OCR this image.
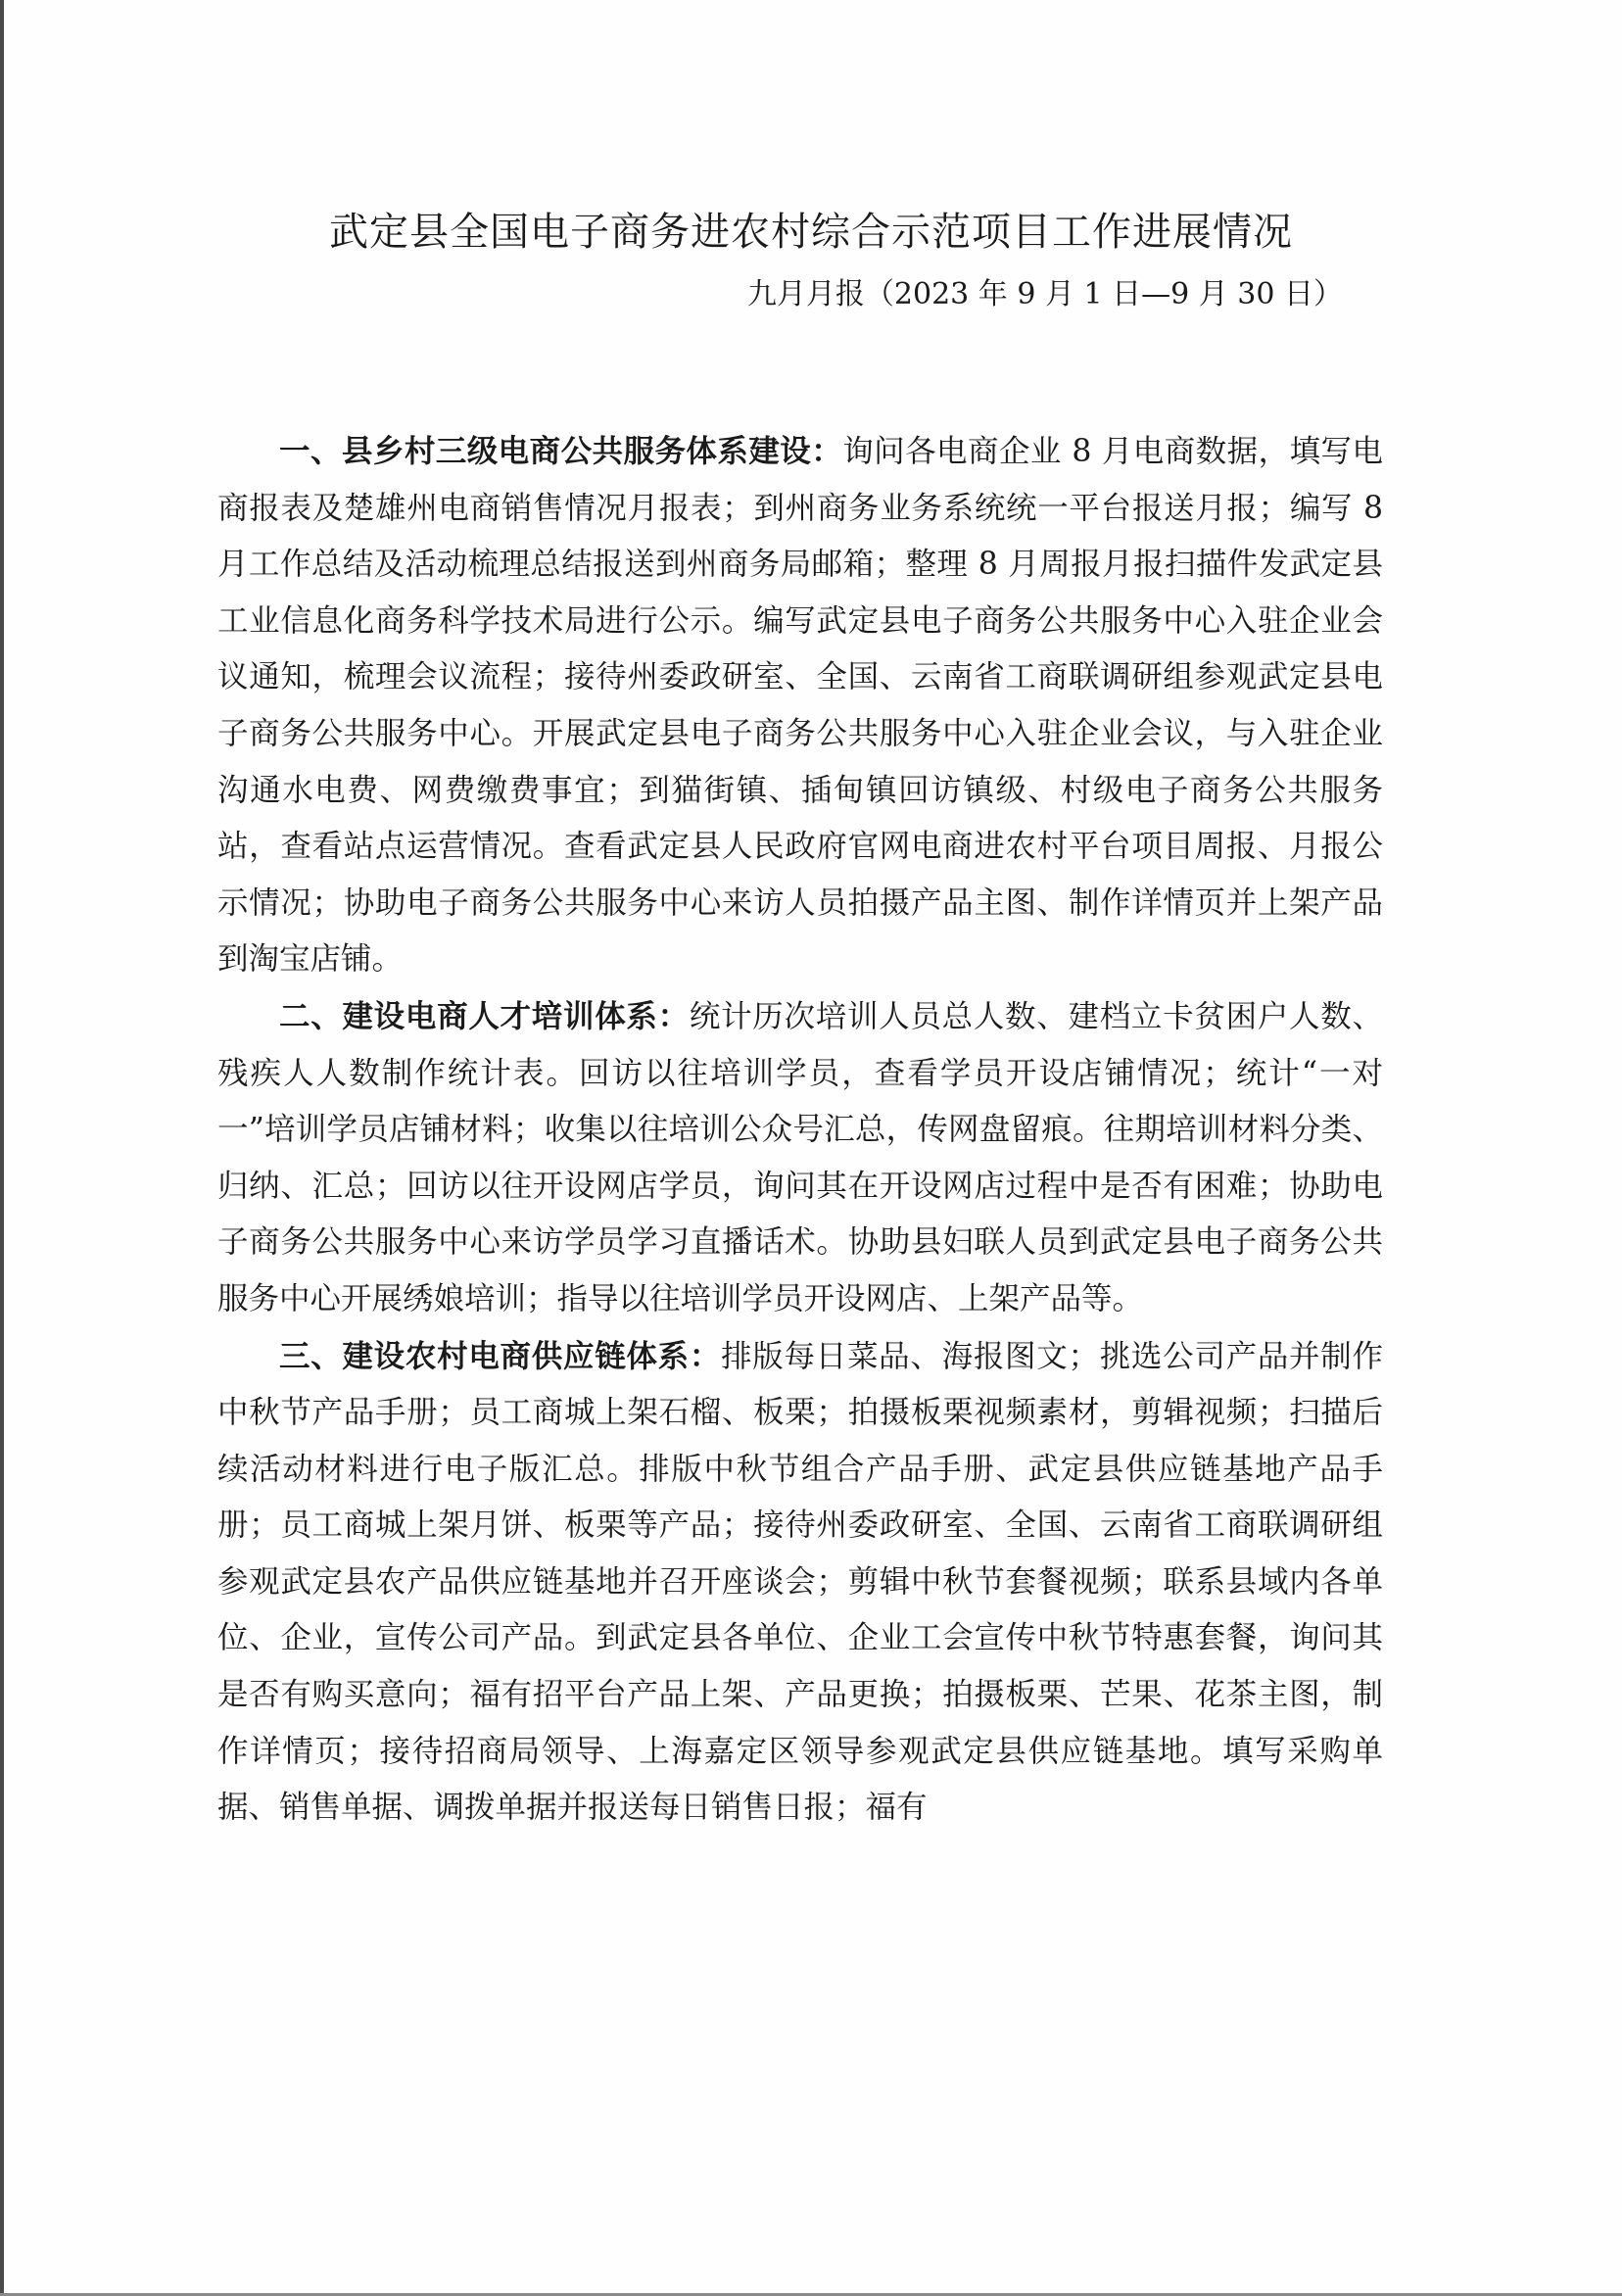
武定县全国电子商务进农村综合示范项目工作进展情况
九月月报（2023 年 9 月 1 日—9 月 30 日）

一、县乡村三级电商公共服务体系建设：询问各电商企业 8 月电商数据，填写电商报表及楚雄州电商销售情况月报表；到州商务业务系统统一平台报送月报；编写 8 月工作总结及活动梳理总结报送到州商务局邮箱；整理 8 月周报月报扫描件发武定县工业信息化商务科学技术局进行公示。编写武定县电子商务公共服务中心入驻企业会议通知，梳理会议流程；接待州委政研室、全国、云南省工商联调研组参观武定县电子商务公共服务中心。开展武定县电子商务公共服务中心入驻企业会议，与入驻企业沟通水电费、网费缴费事宜；到猫街镇、插甸镇回访镇级、村级电子商务公共服务站，查看站点运营情况。查看武定县人民政府官网电商进农村平台项目周报、月报公示情况；协助电子商务公共服务中心来访人员拍摄产品主图、制作详情页并上架产品到淘宝店铺。

二、建设电商人才培训体系：统计历次培训人员总人数、建档立卡贫困户人数、残疾人人数制作统计表。回访以往培训学员，查看学员开设店铺情况；统计“一对一”培训学员店铺材料；收集以往培训公众号汇总，传网盘留痕。往期培训材料分类、归纳、汇总；回访以往开设网店学员，询问其在开设网店过程中是否有困难；协助电子商务公共服务中心来访学员学习直播话术。协助县妇联人员到武定县电子商务公共服务中心开展绣娘培训；指导以往培训学员开设网店、上架产品等。

三、建设农村电商供应链体系：排版每日菜品、海报图文；挑选公司产品并制作中秋节产品手册；员工商城上架石榴、板栗；拍摄板栗视频素材，剪辑视频；扫描后续活动材料进行电子版汇总。排版中秋节组合产品手册、武定县供应链基地产品手册；员工商城上架月饼、板栗等产品；接待州委政研室、全国、云南省工商联调研组参观武定县农产品供应链基地并召开座谈会；剪辑中秋节套餐视频；联系县域内各单位、企业，宣传公司产品。到武定县各单位、企业工会宣传中秋节特惠套餐，询问其是否有购买意向；福有招平台产品上架、产品更换；拍摄板栗、芒果、花茶主图，制作详情页；接待招商局领导、上海嘉定区领导参观武定县供应链基地。填写采购单据、销售单据、调拨单据并报送每日销售日报；福有
